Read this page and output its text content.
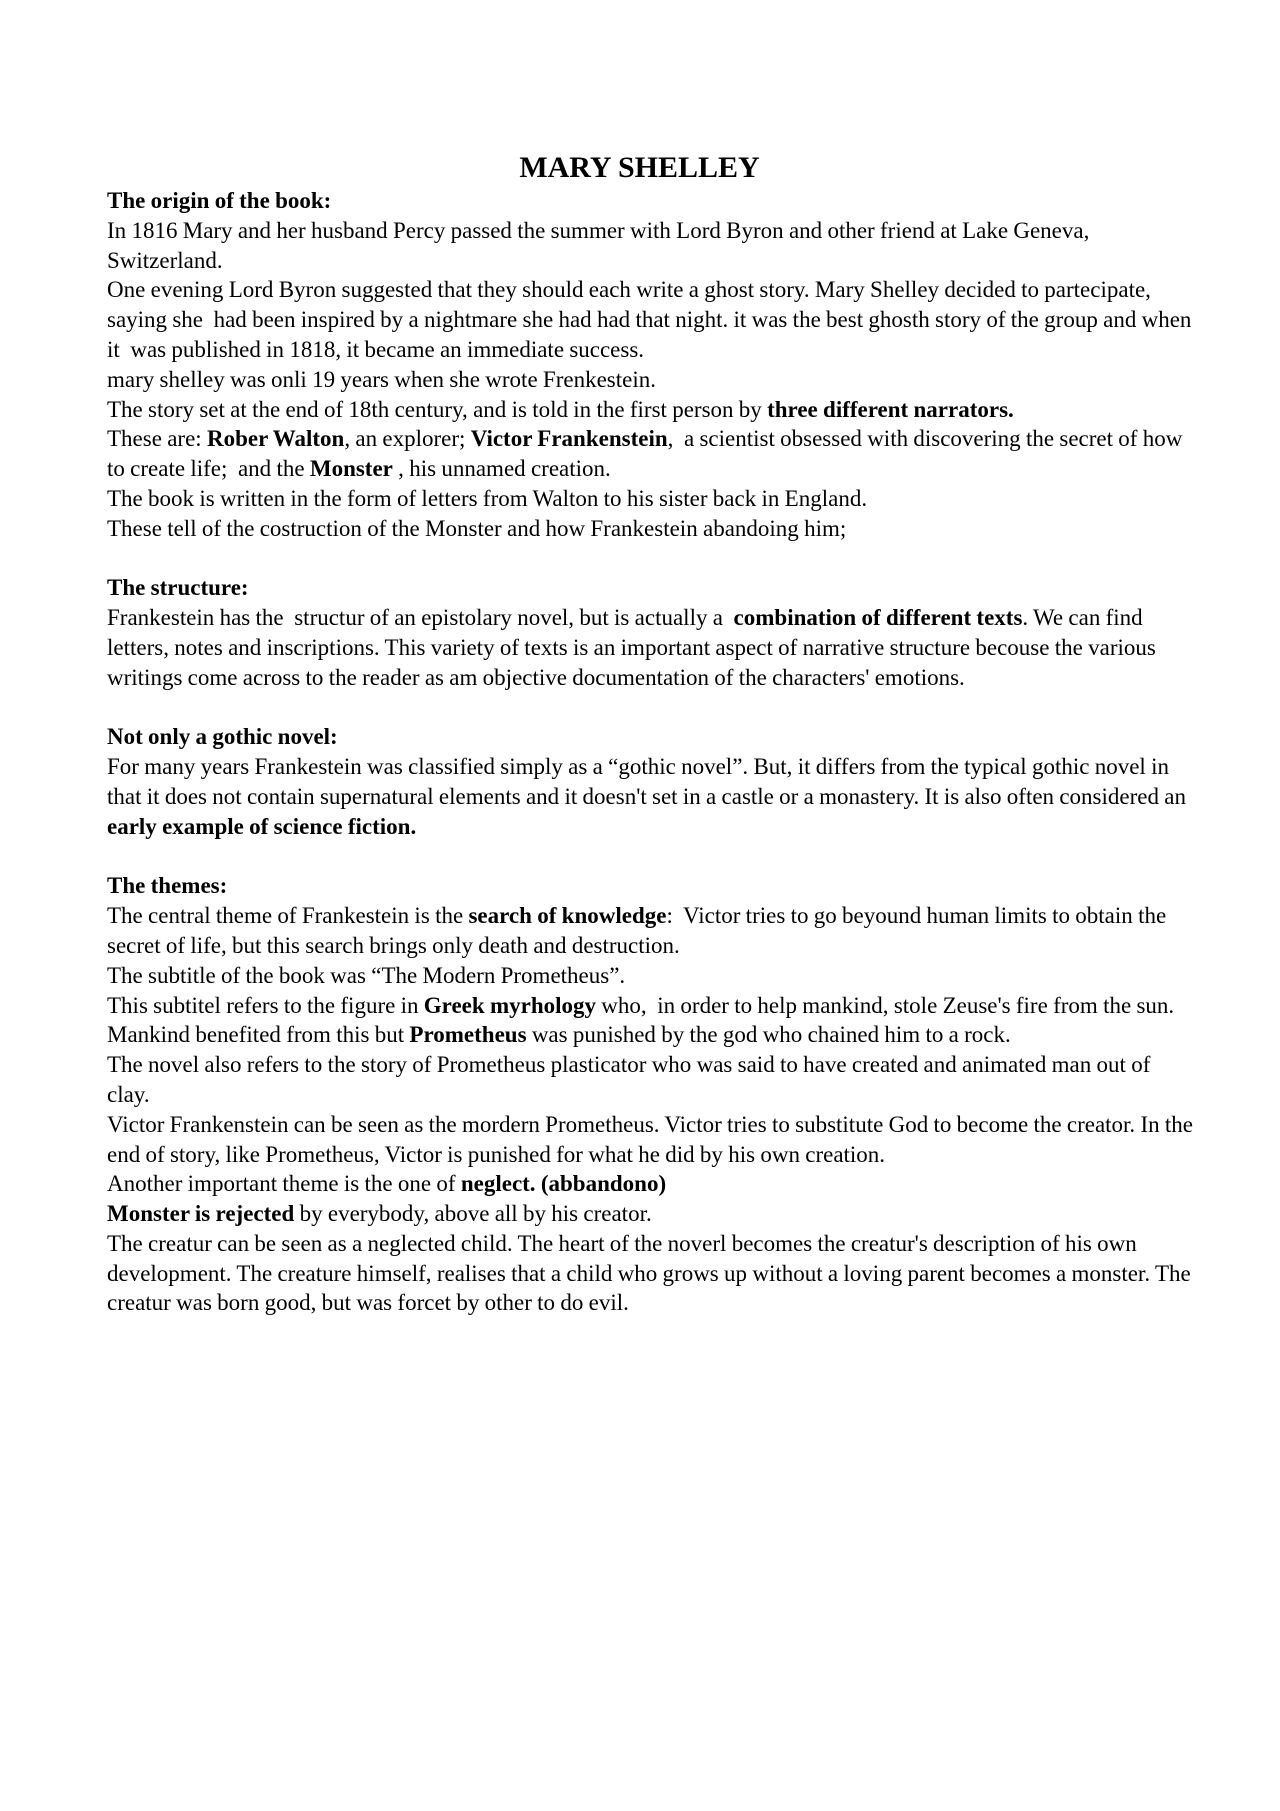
MARY SHELLEY

The origin of the book:

In 1816 Mary and her husband Percy passed the summer with Lord Byron and other friend at Lake Geneva, Switzerland.

One evening Lord Byron suggested that they should each write a ghost story. Mary Shelley decided to partecipate, saying she  had been inspired by a nightmare she had had that night. it was the best ghosth story of the group and when it  was published in 1818, it became an immediate success.

mary shelley was onli 19 years when she wrote Frenkestein.

The story set at the end of 18th century, and is told in the first person by three different narrators.

These are: Rober Walton, an explorer; Victor Frankenstein,  a scientist obsessed with discovering the secret of how to create life;  and the Monster , his unnamed creation.

The book is written in the form of letters from Walton to his sister back in England.

These tell of the costruction of the Monster and how Frankestein abandoing him;

The structure:

Frankestein has the  structur of an epistolary novel, but is actually a  combination of different texts. We can find letters, notes and inscriptions. This variety of texts is an important aspect of narrative structure becouse the various writings come across to the reader as am objective documentation of the characters' emotions.

Not only a gothic novel:

For many years Frankestein was classified simply as a “gothic novel”. But, it differs from the typical gothic novel in that it does not contain supernatural elements and it doesn't set in a castle or a monastery. It is also often considered an early example of science fiction.

The themes:

The central theme of Frankestein is the search of knowledge:  Victor tries to go beyound human limits to obtain the secret of life, but this search brings only death and destruction.

The subtitle of the book was “The Modern Prometheus”.

This subtitel refers to the figure in Greek myrhology who,  in order to help mankind, stole Zeuse's fire from the sun. Mankind benefited from this but Prometheus was punished by the god who chained him to a rock.

The novel also refers to the story of Prometheus plasticator who was said to have created and animated man out of clay.

Victor Frankenstein can be seen as the mordern Prometheus. Victor tries to substitute God to become the creator. In the end of story, like Prometheus, Victor is punished for what he did by his own creation.

Another important theme is the one of neglect. (abbandono)

Monster is rejected by everybody, above all by his creator.

The creatur can be seen as a neglected child. The heart of the noverl becomes the creatur's description of his own development. The creature himself, realises that a child who grows up without a loving parent becomes a monster. The creatur was born good, but was forcet by other to do evil.
